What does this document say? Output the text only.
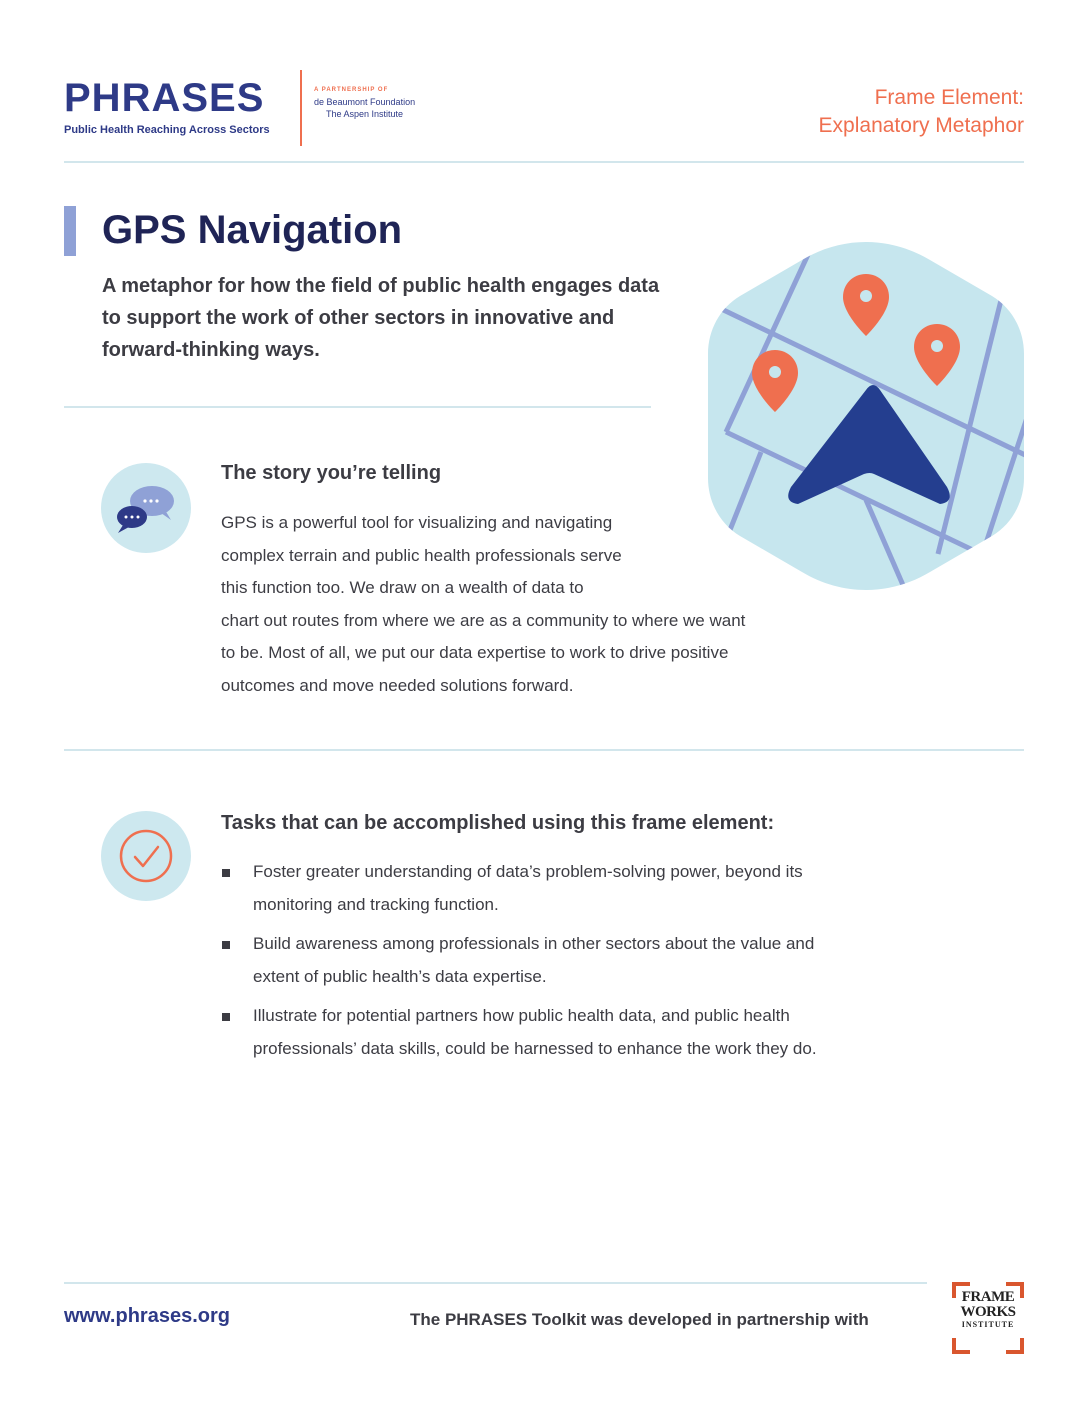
PHRASES
Public Health Reaching Across Sectors
A PARTNERSHIP OF
de Beaumont Foundation
The Aspen Institute
Frame Element:
Explanatory Metaphor
GPS Navigation
A metaphor for how the field of public health engages data to support the work of other sectors in innovative and forward-thinking ways.
The story you’re telling
GPS is a powerful tool for visualizing and navigating
complex terrain and public health professionals serve
this function too. We draw on a wealth of data to
chart out routes from where we are as a community to where we want
to be. Most of all, we put our data expertise to work to drive positive
outcomes and move needed solutions forward.
Tasks that can be accomplished using this frame element:
Foster greater understanding of data’s problem-solving power, beyond its
monitoring and tracking function.
Build awareness among professionals in other sectors about the value and
extent of public health’s data expertise.
Illustrate for potential partners how public health data, and public health
professionals’ data skills, could be harnessed to enhance the work they do.
www.phrases.org	The PHRASES Toolkit was developed in partnership with
FRAME
WORKS
INSTITUTE
